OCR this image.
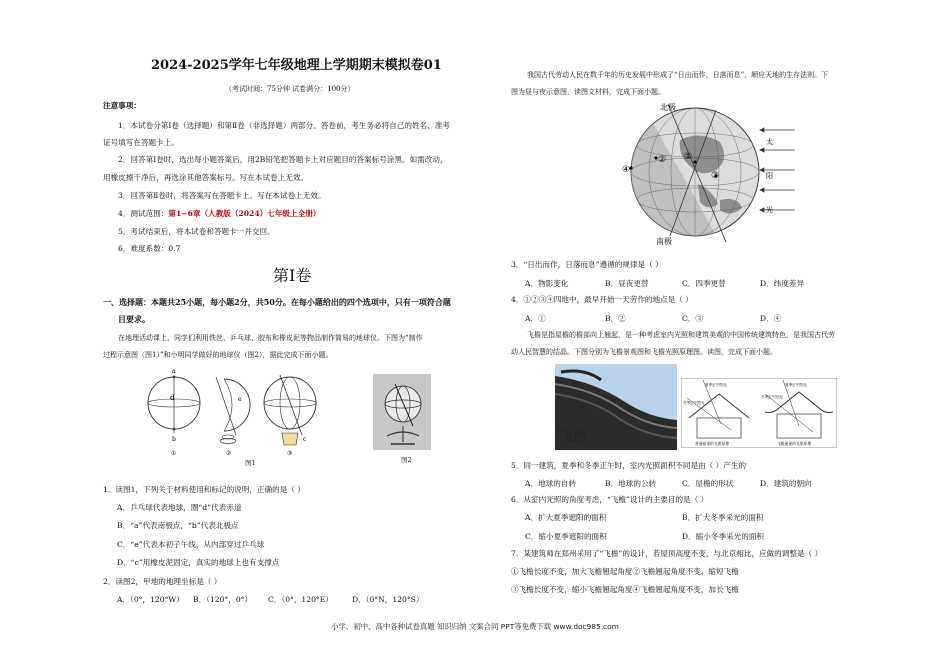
2024-2025学年七年级地理上学期期末模拟卷01
（考试时间：75分钟 试卷满分：100分）
注意事项：
1．本试卷分第Ⅰ卷（选择题）和第Ⅱ卷（非选择题）两部分。答卷前，考生务必将自己的姓名、准考
证号填写在答题卡上。
2．回答第Ⅰ卷时，选出每小题答案后，用2B铅笔把答题卡上对应题目的答案标号涂黑。如需改动，
用橡皮擦干净后，再选涂其他答案标号。写在本试卷上无效。
3．回答第Ⅱ卷时，将答案写在答题卡上。写在本试卷上无效。
4．测试范围：第1~6章（人教版（2024）七年级上全册）
5．考试结束后，将本试卷和答题卡一并交回。
6．难度系数：0.7
第Ⅰ卷
一、选择题：本题共25小题，每小题2分，共50分。在每小题给出的四个选项中，只有一项符合题
目要求。
在地理活动课上，同学们利用铁丝、乒乓球、胶布和橡皮泥等物品制作简易的地球仪。下图为“制作
过程示意图（图1）”和小明同学做好的地球仪（图2），据此完成下面小题。
a
b
d
①
e
②
c
③
图1	图2
1．读图1，下列关于材料使用和标记的说明，正确的是（ ）
A．乒乓球代表地球，圈“d”代表赤道
B．“a”代表南极点，“b”代表北极点
C．“e”代表本初子午线，从内部穿过乒乓球
D．“c”用橡皮泥固定，真实的地球上也有支撑点
2．读图2，甲地的地理坐标是（ ）
A．（0°，120°W） B．（120°，0°） C．（0°，120°E）	D．（0°N，120°S）
我国古代劳动人民在数千年的历史发展中形成了“日出而作，日落而息”，顺应天地的生存法则。下
图为昼与夜示意图，读图文材料，完成下面小题。
北极
南极
太
阳
光
④
② ①
③
3．“日出而作，日落而息”遵循的规律是（ ）
A．物影变化	B．昼夜更替	C．四季更替	D．纬度差异
4．①②③④四地中，最早开始一天劳作的地点是（ ）
A．①	B．②	C．③	D．④
飞檐是指屋檐的檐部向上翘起，是一种考虑室内光照和建筑美观的中国传统建筑特色，是我国古代劳
动人民智慧的结晶。下图分别为飞檐景观图和飞檐光照原理图。读图，完成下面小题。
飞檐
夏季正午阳光
冬季正午阳光
夏季正午阳光
冬季正午阳光
普通屋顶的光照原理	飞檐屋顶的光照原理
5．同一建筑，夏季和冬季正午时，室内光照面积不同是由（ ）产生的
A．地球的自转	B．地球的公转	C．屋檐的形状	D．建筑的朝向
6．从室内光照的角度考虑，“飞檐”设计的主要目的是（ ）
A．扩大夏季遮阳的面积	B．扩大冬季采光的面积
C．缩小夏季遮阳的面积	D．缩小冬季采光的面积
7．某建筑师在郑州采用了“飞檐”的设计，若屋顶高度不变，与北京相比，应做的调整是（ ）
①飞檐长度不变，加大飞檐翘起角度②飞檐翘起角度不变，缩短飞檐
③飞檐长度不变，缩小飞檐翘起角度④飞檐翘起角度不变，加长飞檐
小学、初中、高中各种试卷真题 知识归纳 文案合同 PPT等免费下载 www.doc985.com
